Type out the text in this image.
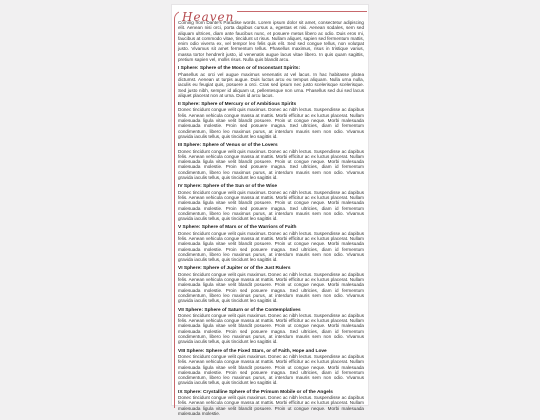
Heaven

Coming from Dante's Paradise words. Lorem ipsum dolor sit amet, consectetur adipiscing elit. Aenean nisi orci, porta dapibus cursus a, egestas et nisi. Aenean sodales, sem sed aliquam ultrices, diam ante faucibus nunc, et posuere metus libero ac odio. Duis eros mi, faucibus at commodo vitae, tincidunt ut risus. Nullam aliquet, sapien sed fermentum mattis, enim odio viverra ex, vel tempor leo felis quis elit. Sed sed congue tellus, non volutpat justo. Vivamus sit amet fermentum tellus. Phasellus maximus, risus in tristique varius, massa tortor hendrerit justo, id venenatis augue lacus vitae libero. In quis quam sagittis, pretium sapien vel, mollis risus. Nulla quis blandit arcu.

I Sphere: Sphere of the Moon or of Inconstant Spirits:

Phasellus ac orci vel augue maximus venenatis at vel lacus. In hac habitasse platea dictumst. Aenean ut turpis augue. Duis luctus arcu eu tempus aliquam. Nulla urna nulla, iaculis eu feugiat quis, posuere a orci. Cras sed ipsum nec justo scelerisque scelerisque. Sed justo nibh, semper id aliquam ut, pellentesque non urna. Phasellus sed dui sed lacus aliquet placerat non at urna. Duis id arcu lacus.

II Sphere: Sphere of Mercury or of Ambitious Spirits

Donec tincidunt congue velit quis maximus. Donec ac nibh lectus. Suspendisse ac dapibus felis. Aenean vehicula congue massa at mattis. Morbi efficitur ac ex luctus placerat. Nullam malesuada ligula vitae velit blandit posuere. Proin ut congue neque. Morbi malesuada malesuada molestie. Proin sed posuere magna. Sed ultricies, diam id fermentum condimentum, libero leo maximus purus, at interdum mauris sem non odio. Vivamus gravida iaculis tellus, quis tincidunt leo sagittis id.

III Sphere: Sphere of Venus or of the Lovers

Donec tincidunt congue velit quis maximus. Donec ac nibh lectus. Suspendisse ac dapibus felis. Aenean vehicula congue massa at mattis. Morbi efficitur ac ex luctus placerat. Nullam malesuada ligula vitae velit blandit posuere. Proin ut congue neque. Morbi malesuada malesuada molestie. Proin sed posuere magna. Sed ultricies, diam id fermentum condimentum, libero leo maximus purus, at interdum mauris sem non odio. Vivamus gravida iaculis tellus, quis tincidunt leo sagittis id.

IV Sphere: Sphere of the Sun or of the Wise

Donec tincidunt congue velit quis maximus. Donec ac nibh lectus. Suspendisse ac dapibus felis. Aenean vehicula congue massa at mattis. Morbi efficitur ac ex luctus placerat. Nullam malesuada ligula vitae velit blandit posuere. Proin ut congue neque. Morbi malesuada malesuada molestie. Proin sed posuere magna. Sed ultricies, diam id fermentum condimentum, libero leo maximus purus, at interdum mauris sem non odio. Vivamus gravida iaculis tellus, quis tincidunt leo sagittis id.

V Sphere: Sphere of Mars or of the Warriors of Faith

Donec tincidunt congue velit quis maximus. Donec ac nibh lectus. Suspendisse ac dapibus felis. Aenean vehicula congue massa at mattis. Morbi efficitur ac ex luctus placerat. Nullam malesuada ligula vitae velit blandit posuere. Proin ut congue neque. Morbi malesuada malesuada molestie. Proin sed posuere magna. Sed ultricies, diam id fermentum condimentum, libero leo maximus purus, at interdum mauris sem non odio. Vivamus gravida iaculis tellus, quis tincidunt leo sagittis id.

VI Sphere: Sphere of Jupiter or of the Just Rulers

Donec tincidunt congue velit quis maximus. Donec ac nibh lectus. Suspendisse ac dapibus felis. Aenean vehicula congue massa at mattis. Morbi efficitur ac ex luctus placerat. Nullam malesuada ligula vitae velit blandit posuere. Proin ut congue neque. Morbi malesuada malesuada molestie. Proin sed posuere magna. Sed ultricies, diam id fermentum condimentum, libero leo maximus purus, at interdum mauris sem non odio. Vivamus gravida iaculis tellus, quis tincidunt leo sagittis id.

VII Sphere: Sphere of Saturn or of the Contemplatives

Donec tincidunt congue velit quis maximus. Donec ac nibh lectus. Suspendisse ac dapibus felis. Aenean vehicula congue massa at mattis. Morbi efficitur ac ex luctus placerat. Nullam malesuada ligula vitae velit blandit posuere. Proin ut congue neque. Morbi malesuada malesuada molestie. Proin sed posuere magna. Sed ultricies, diam id fermentum condimentum, libero leo maximus purus, at interdum mauris sem non odio. Vivamus gravida iaculis tellus, quis tincidunt leo sagittis id.

VIII Sphere: Sphere of the Fixed Stars, or of Faith, Hope and Love

Donec tincidunt congue velit quis maximus. Donec ac nibh lectus. Suspendisse ac dapibus felis. Aenean vehicula congue massa at mattis. Morbi efficitur ac ex luctus placerat. Nullam malesuada ligula vitae velit blandit posuere. Proin ut congue neque. Morbi malesuada malesuada molestie. Proin sed posuere magna. Sed ultricies, diam id fermentum condimentum, libero leo maximus purus, at interdum mauris sem non odio. Vivamus gravida iaculis tellus, quis tincidunt leo sagittis id.

IX Sphere: Crystalline Sphere of the Primum Mobile or of the Angels

Donec tincidunt congue velit quis maximus. Donec ac nibh lectus. Suspendisse ac dapibus felis. Aenean vehicula congue massa at mattis. Morbi efficitur ac ex luctus placerat. Nullam malesuada ligula vitae velit blandit posuere. Proin ut congue neque. Morbi malesuada malesuada molestie.
